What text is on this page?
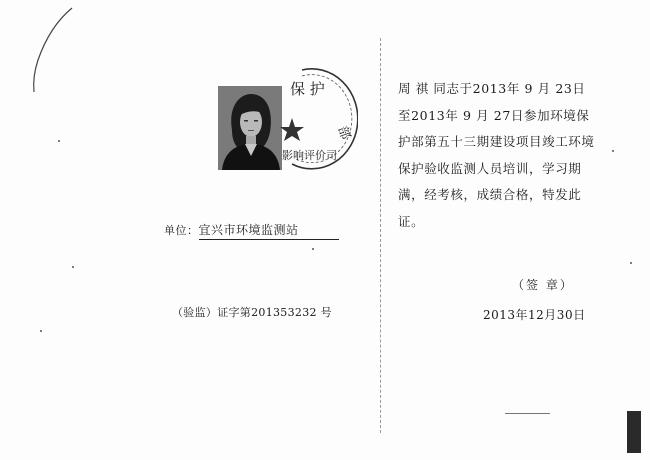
保 护
部
影响评价司
单位：宜兴市环境监测站
（验监）证字第201353232 号
周 祺 同志于2013年 9 月 23日
至2013年 9 月 27日参加环境保
护部第五十三期建设项目竣工环境
保护验收监测人员培训，学习期
满，经考核，成绩合格，特发此
证。
（签 章）
2013年12月30日
